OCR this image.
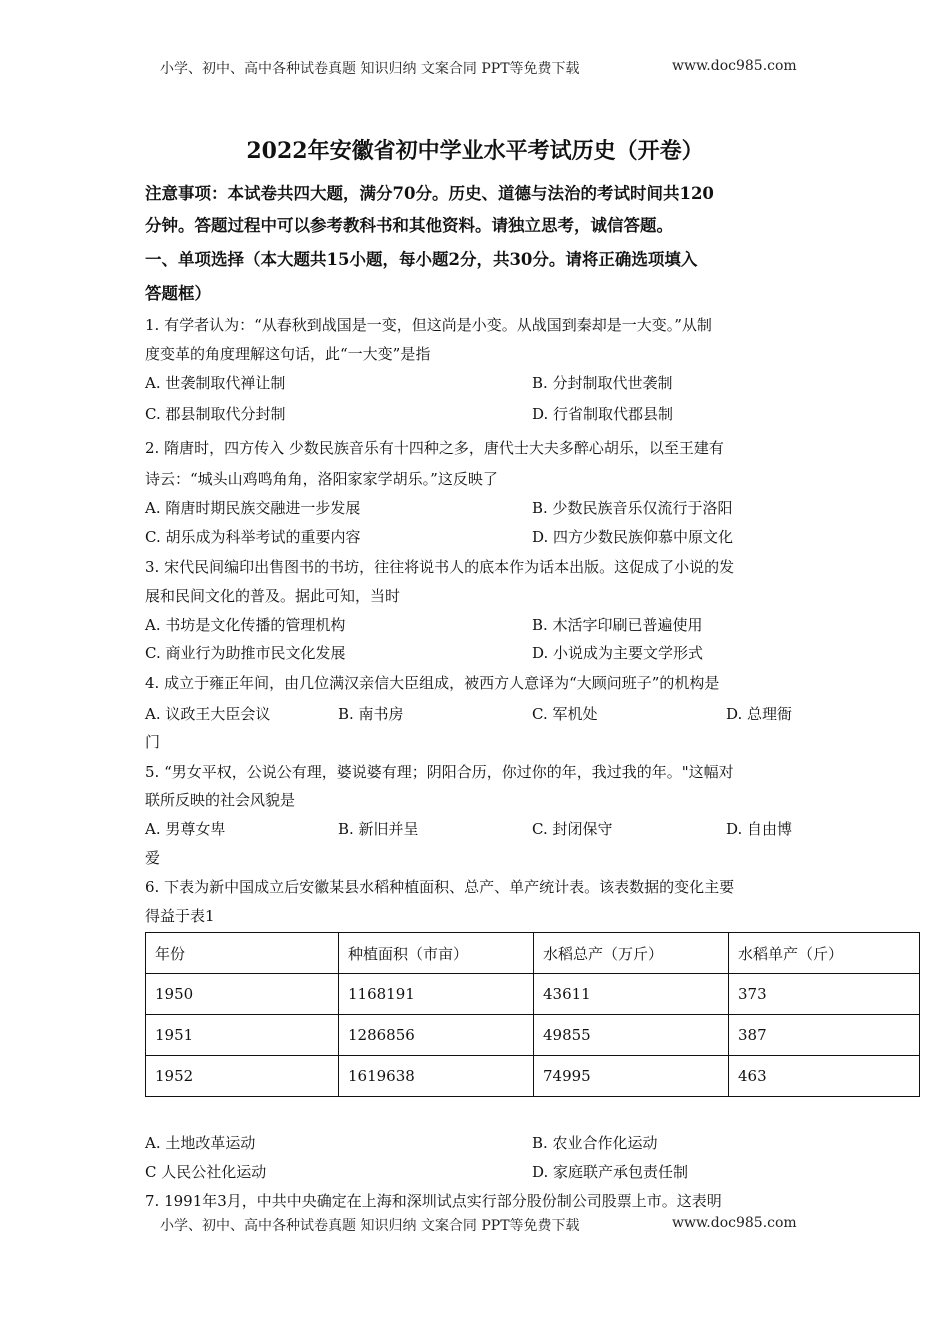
小学、初中、高中各种试卷真题 知识归纳 文案合同 PPT等免费下载	www.doc985.com
2022年安徽省初中学业水平考试历史（开卷）
注意事项：本试卷共四大题，满分70分。历史、道德与法治的考试时间共120
分钟。答题过程中可以参考教科书和其他资料。请独立思考，诚信答题。
一、单项选择（本大题共15小题，每小题2分，共30分。请将正确选项填入
答题框）
1. 有学者认为：“从春秋到战国是一变，但这尚是小变。从战国到秦却是一大变。”从制
度变革的角度理解这句话，此“一大变”是指
A. 世袭制取代禅让制	B. 分封制取代世袭制
C. 郡县制取代分封制	D. 行省制取代郡县制
2. 隋唐时，四方传入 少数民族音乐有十四种之多，唐代士大夫多醉心胡乐，以至王建有
诗云：“城头山鸡鸣角角，洛阳家家学胡乐。”这反映了
A. 隋唐时期民族交融进一步发展	B. 少数民族音乐仅流行于洛阳
C. 胡乐成为科举考试的重要内容	D. 四方少数民族仰慕中原文化
3. 宋代民间编印出售图书的书坊，往往将说书人的底本作为话本出版。这促成了小说的发
展和民间文化的普及。据此可知，当时
A. 书坊是文化传播的管理机构	B. 木活字印刷已普遍使用
C. 商业行为助推市民文化发展	D. 小说成为主要文学形式
4. 成立于雍正年间，由几位满汉亲信大臣组成，被西方人意译为“大顾问班子”的机构是
A. 议政王大臣会议	B. 南书房	C. 军机处	D. 总理衙
门
5. “男女平权，公说公有理，婆说婆有理；阴阳合历，你过你的年，我过我的年。"这幅对
联所反映的社会风貌是
A. 男尊女卑	B. 新旧并呈	C. 封闭保守	D. 自由博
爱
6. 下表为新中国成立后安徽某县水稻种植面积、总产、单产统计表。该表数据的变化主要
得益于表1
年份	种植面积（市亩）	水稻总产（万斤）	水稻单产（斤）
1950	1168191	43611	373
1951	1286856	49855	387
1952	1619638	74995	463
A. 土地改革运动	B. 农业合作化运动
C 人民公社化运动	D. 家庭联产承包责任制
7. 1991年3月，中共中央确定在上海和深圳试点实行部分股份制公司股票上市。这表明
小学、初中、高中各种试卷真题 知识归纳 文案合同 PPT等免费下载	www.doc985.com
